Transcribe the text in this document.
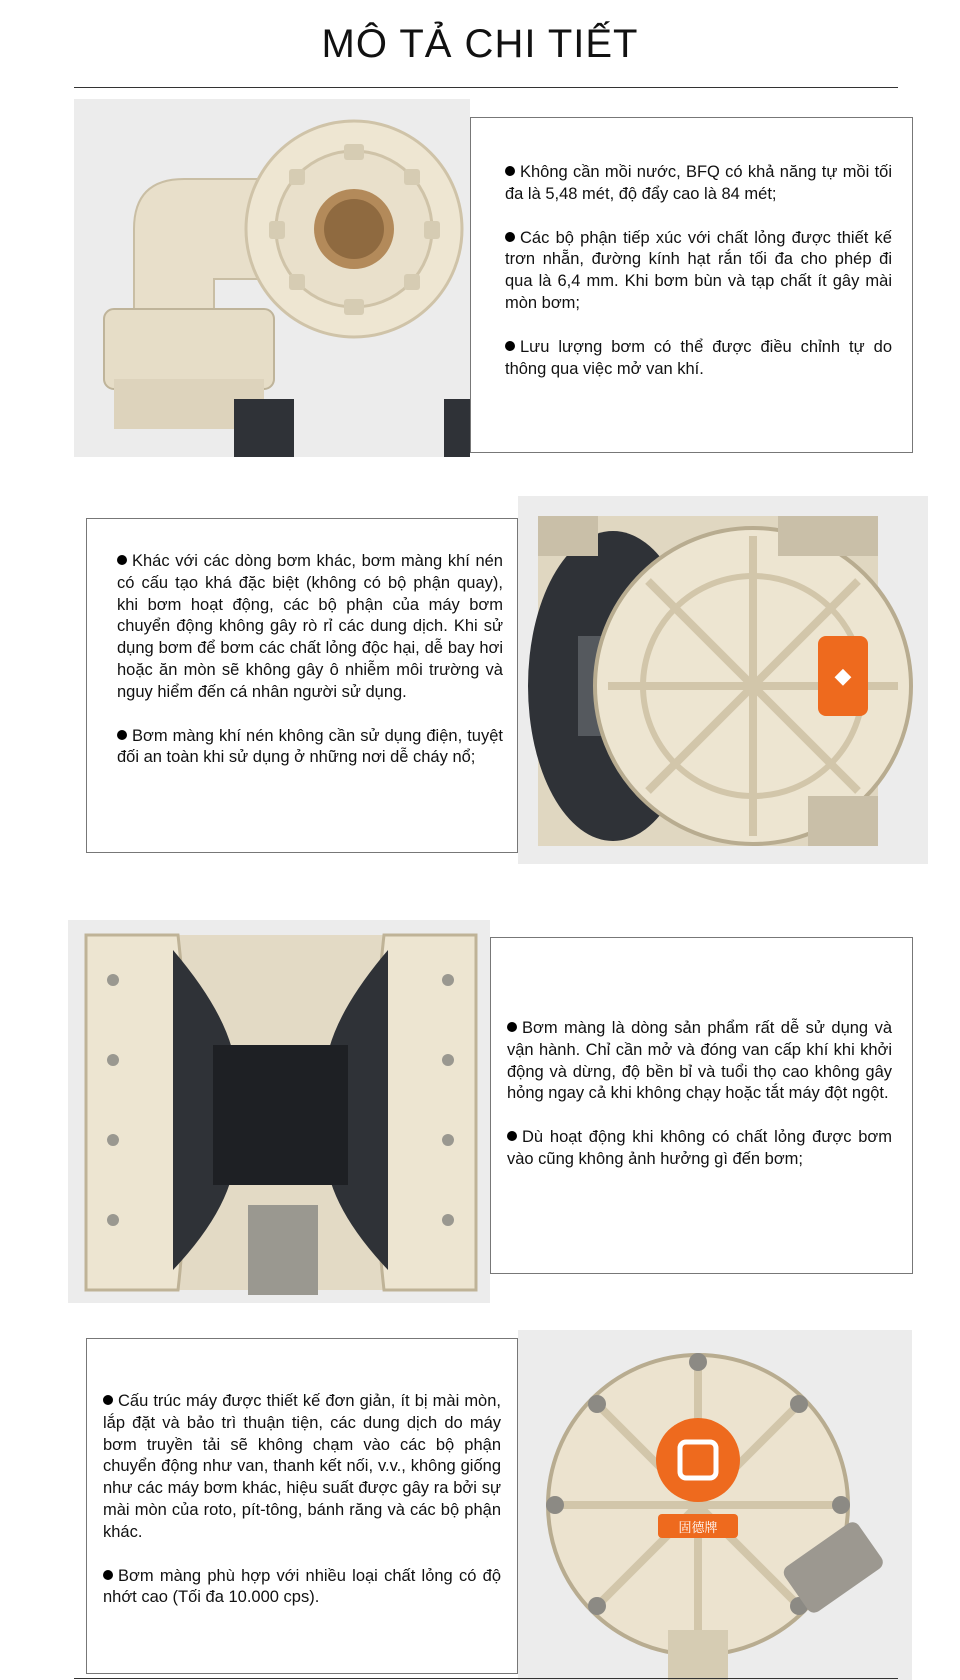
MÔ TẢ CHI TIẾT

Không cần mồi nước, BFQ có khả năng tự mồi tối đa là 5,48 mét, độ đẩy cao là 84 mét;

Các bộ phận tiếp xúc với chất lỏng được thiết kế trơn nhẵn, đường kính hạt rắn tối đa cho phép đi qua là 6,4 mm. Khi bơm bùn và tạp chất ít gây mài mòn bơm;

Lưu lượng bơm có thể được điều chỉnh tự do thông qua việc mở van khí.

Khác với các dòng bơm khác, bơm màng khí nén có cấu tạo khá đặc biệt (không có bộ phận quay), khi bơm hoạt động, các bộ phận của máy bơm chuyển động không gây rò rỉ các dung dịch. Khi sử dụng bơm để bơm các chất lỏng độc hại, dễ bay hơi hoặc ăn mòn sẽ không gây ô nhiễm môi trường và nguy hiểm đến cá nhân người sử dụng.

Bơm màng khí nén không cần sử dụng điện, tuyệt đối an toàn khi sử dụng ở những nơi dễ cháy nổ;

◆

Bơm màng là dòng sản phẩm rất dễ sử dụng và vận hành. Chỉ cần mở và đóng van cấp khí khi khởi động và dừng, độ bền bỉ và tuổi thọ cao không gây hỏng ngay cả khi không chạy hoặc tắt máy đột ngột.

Dù hoạt động khi không có chất lỏng được bơm vào cũng không ảnh hưởng gì đến bơm;

Cấu trúc máy được thiết kế đơn giản, ít bị mài mòn, lắp đặt và bảo trì thuận tiện, các dung dịch do máy bơm truyền tải sẽ không chạm vào các bộ phận chuyển động như van, thanh kết nối, v.v., không giống như các máy bơm khác, hiệu suất được gây ra bởi sự mài mòn của roto, pít-tông, bánh răng và các bộ phận khác.

Bơm màng phù hợp với nhiều loại chất lỏng có độ nhớt cao (Tối đa 10.000 cps).

固德牌
